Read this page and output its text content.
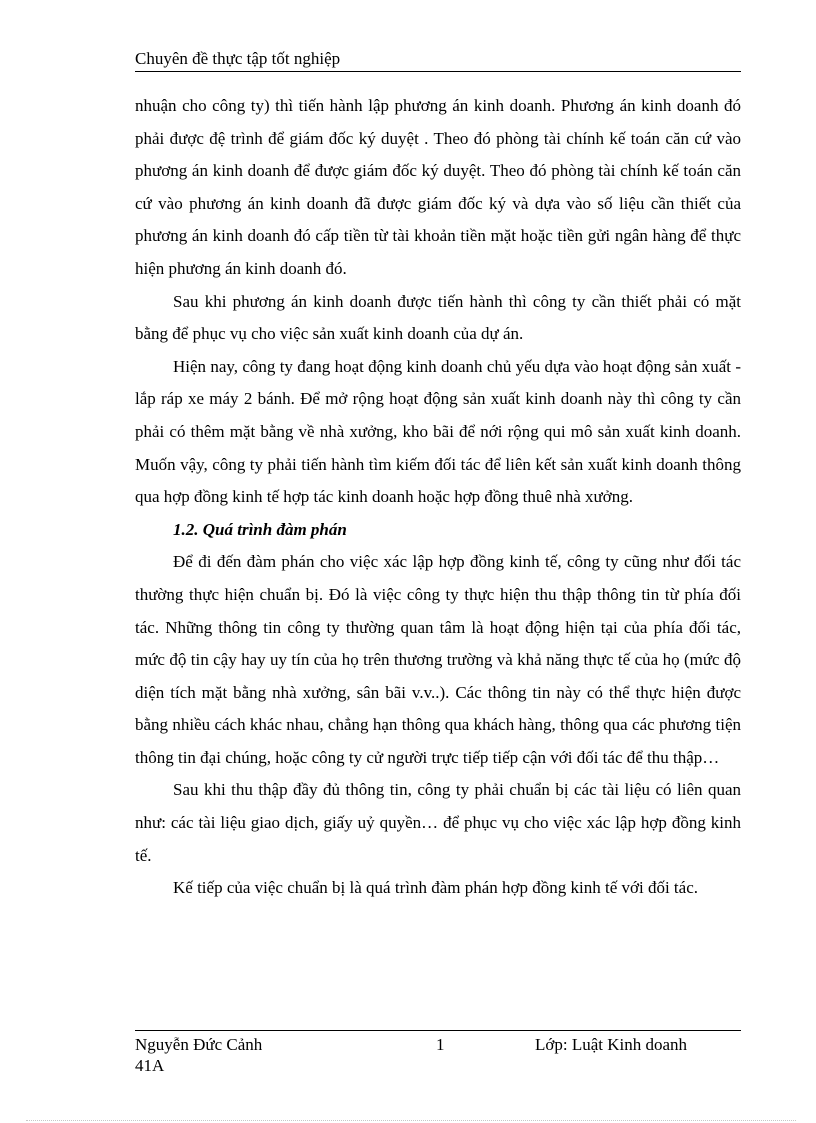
Chuyên đề thực tập tốt nghiệp

nhuận cho công ty) thì tiến hành lập phương án kinh doanh. Phương án kinh doanh đó phải được đệ trình để giám đốc ký duyệt . Theo đó phòng tài chính kế toán căn cứ vào phương án kinh doanh để được giám đốc ký duyệt. Theo đó phòng tài chính kế toán căn cứ vào phương án kinh doanh đã được giám đốc ký và dựa vào số liệu cần thiết của phương án kinh doanh đó cấp tiền từ tài khoản tiền mặt hoặc tiền gửi ngân hàng để thực hiện phương án kinh doanh đó.

Sau khi phương án kinh doanh được tiến hành thì công ty cần thiết phải có mặt bằng để phục vụ cho việc sản xuất kinh doanh của dự án.

Hiện nay, công ty đang hoạt động kinh doanh chủ yếu dựa vào hoạt động sản xuất - lắp ráp xe máy 2 bánh. Để mở rộng hoạt động sản xuất kinh doanh này thì công ty cần phải có thêm mặt bằng về nhà xưởng, kho bãi để nới rộng qui mô sản xuất kinh doanh. Muốn vậy, công ty phải tiến hành tìm kiếm đối tác để liên kết sản xuất kinh doanh thông qua hợp đồng kinh tế hợp tác kinh doanh hoặc hợp đồng thuê nhà xưởng.

1.2. Quá trình đàm phán

Để đi đến đàm phán cho việc xác lập hợp đồng kinh tế, công ty cũng như đối tác thường thực hiện chuẩn bị. Đó là việc công ty thực hiện thu thập thông tin từ phía đối tác. Những thông tin công ty thường quan tâm là hoạt động hiện tại của phía đối tác, mức độ tin cậy hay uy tín của họ trên thương trường và khả năng thực tế của họ (mức độ diện tích mặt bằng nhà xưởng, sân bãi v.v..). Các thông tin này có thể thực hiện được bằng nhiều cách khác nhau, chẳng hạn thông qua khách hàng, thông qua các phương tiện thông tin đại chúng, hoặc công ty cử người trực tiếp tiếp cận với đối tác để thu thập…

Sau khi thu thập đầy đủ thông tin, công ty phải chuẩn bị các tài liệu có liên quan như: các tài liệu giao dịch, giấy uỷ quyền… để phục vụ cho việc xác lập hợp đồng kinh tế.

Kế tiếp của việc chuẩn bị là quá trình đàm phán hợp đồng kinh tế với đối tác.

Nguyễn Đức Cảnh
41A
1	Lớp: Luật Kinh doanh
